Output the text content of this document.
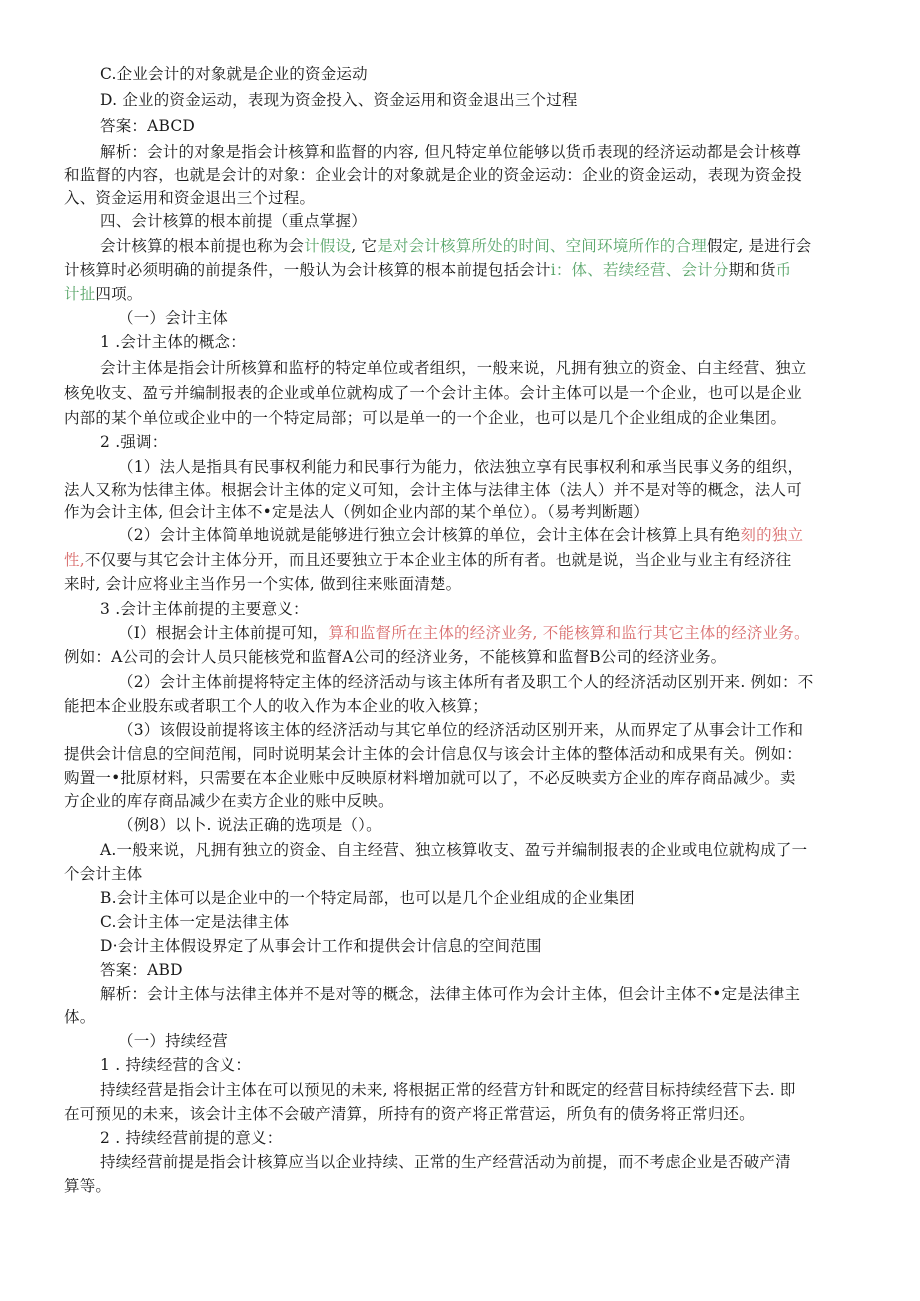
C.企业会计的对象就是企业的资金运动
D. 企业的资金运动，表现为资金投入、资金运用和资金退出三个过程
答案：ABCD
解析：会计的对象是指会计核算和监督的内容, 但凡特定单位能够以货币表现的经济运动都是会计核尊
和监督的内容，也就是会计的对象：企业会计的对象就是企业的资金运动：企业的资金运动，表现为资金投
入、资金运用和资金退出三个过程。
四、会计核算的根本前提（重点掌握）
会计核算的根本前提也称为会计假设, 它是对会计核算所处的时间、空间环境所作的合理假定, 是进行会
计核算时必须明确的前提条件，一般认为会计核算的根本前提包括会计i：体、若续经营、会计分期和货币
计扯四项。
（一）会计主体
1 .会计主体的概念：
会计主体是指会计所核算和监杼的特定单位或者组织，一般来说，凡拥有独立的资金、白主经营、独立
核免收支、盈亏并编制报表的企业或单位就构成了一个会计主体。会计主体可以是一个企业，也可以是企业
内部的某个单位或企业中的一个特定局部；可以是单一的一个企业，也可以是几个企业组成的企业集团。
2 .强调：
（1）法人是指具有民事权利能力和民事行为能力，依法独立享有民事权利和承当民事义务的组织，
法人又称为怯律主体。根据会计主体的定义可知，会计主体与法律主体（法人）并不是对等的概念，法人可
作为会计主体, 但会计主体不•定是法人（例如企业内部的某个单位）。（易考判断题）
（2）会计主体简单地说就是能够进行独立会计核算的单位，会计主体在会计核算上具有绝刻的独立
性,不仅要与其它会计主体分开，而且还要独立于本企业主体的所有者。也就是说，当企业与业主有经济往
来时, 会计应将业主当作另一个实体, 做到往来账面清楚。
3 .会计主体前提的主要意义：
（I）根据会计主体前提可知，算和监督所在主体的经济业务, 不能核算和监行其它主体的经济业务。
例如：A公司的会计人员只能核党和监督A公司的经济业务，不能核算和监督B公司的经济业务。
（2）会计主体前提将特定主体的经济活动与该主体所有者及职工个人的经济活动区别开来. 例如：不
能把本企业股东或者职工个人的收入作为本企业的收入核算；
（3）该假设前提将该主体的经济活动与其它单位的经济活动区别开来，从而界定了从事会计工作和
提供会计信息的空间范闱，同时说明某会计主体的会计信息仅与该会计主体的整体活动和成果有关。例如：
购置一•批原材料，只需要在本企业账中反映原材料增加就可以了，不必反映卖方企业的库存商品减少。卖
方企业的库存商品减少在卖方企业的账中反映。
（例8）以卜. 说法正确的选项是（）。
A.一般来说，凡拥有独立的资金、自主经营、独立核算收支、盈亏并编制报表的企业或电位就构成了一
个会计主体
B.会计主体可以是企业中的一个特定局部，也可以是几个企业组成的企业集团
C.会计主体一定是法律主体
D·会计主体假设界定了从事会计工作和提供会计信息的空间范围
答案：ABD
解析：会计主体与法律主体并不是对等的概念，法律主体可作为会计主体，但会计主体不•定是法律主
体。
（一）持续经营
1 . 持续经营的含义：
持续经营是指会计主体在可以预见的未来, 将根据正常的经营方针和既定的经营目标持续经营下去. 即
在可预见的未来，该会计主体不会破产清算，所持有的资产将正常营运，所负有的债务将正常归还。
2 . 持续经营前提的意义：
持续经营前提是指会计核算应当以企业持续、正常的生产经营活动为前提，而不考虑企业是否破产清
算等。
